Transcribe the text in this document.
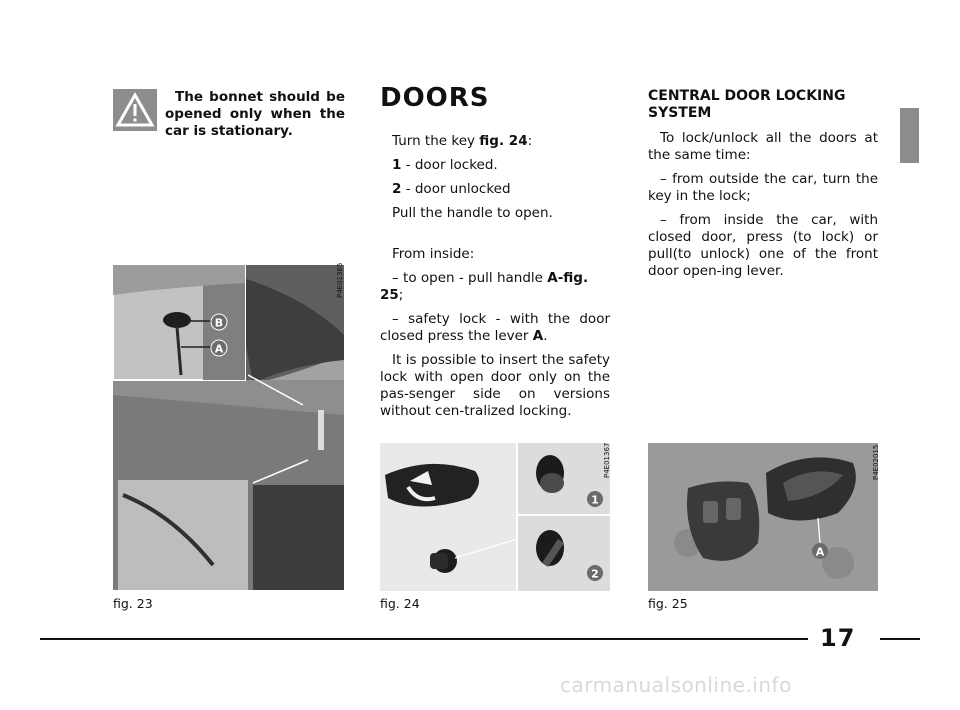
The bonnet should be opened only when the car is stationary.
DOORS

Turn the key fig. 24:

1 - door locked.

2 - door unlocked

Pull the handle to open.

From inside:

– to open - pull handle A-fig. 25;

– safety lock - with the door closed press the lever A.

It is possible to insert the safety lock with open door only on the pas-senger side on versions without cen-tralized locking.

CENTRAL DOOR LOCKING SYSTEM

To lock/unlock all the doors at the same time:

– from outside the car, turn the key in the lock;

– from inside the car, with closed door, press (to lock) or pull(to unlock) one of the front door open-ing lever.

B
A
P4E01365
fig. 23
1
2
P4E01367
fig. 24
A
P4E02015
fig. 25
17
carmanualsonline.info
